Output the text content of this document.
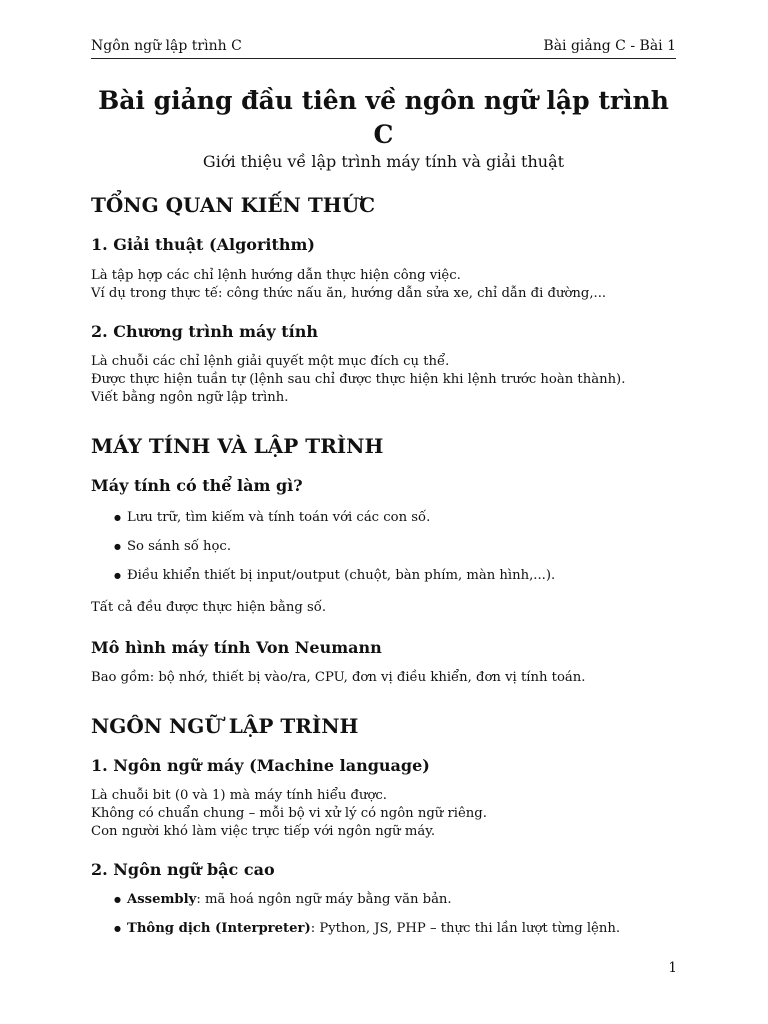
Ngôn ngữ lập trình C	Bài giảng C - Bài 1
Bài giảng đầu tiên về ngôn ngữ lập trình C

Giới thiệu về lập trình máy tính và giải thuật

TỔNG QUAN KIẾN THỨC
1. Giải thuật (Algorithm)
Là tập hợp các chỉ lệnh hướng dẫn thực hiện công việc.
Ví dụ trong thực tế: công thức nấu ăn, hướng dẫn sửa xe, chỉ dẫn đi đường,...
2. Chương trình máy tính
Là chuỗi các chỉ lệnh giải quyết một mục đích cụ thể.
Được thực hiện tuần tự (lệnh sau chỉ được thực hiện khi lệnh trước hoàn thành).
Viết bằng ngôn ngữ lập trình.
MÁY TÍNH VÀ LẬP TRÌNH
Máy tính có thể làm gì?
● Lưu trữ, tìm kiếm và tính toán với các con số.
● So sánh số học.
● Điều khiển thiết bị input/output (chuột, bàn phím, màn hình,...).
Tất cả đều được thực hiện bằng số.
Mô hình máy tính Von Neumann
Bao gồm: bộ nhớ, thiết bị vào/ra, CPU, đơn vị điều khiển, đơn vị tính toán.
NGÔN NGỮ LẬP TRÌNH
1. Ngôn ngữ máy (Machine language)
Là chuỗi bit (0 và 1) mà máy tính hiểu được.
Không có chuẩn chung – mỗi bộ vi xử lý có ngôn ngữ riêng.
Con người khó làm việc trực tiếp với ngôn ngữ máy.
2. Ngôn ngữ bậc cao
● Assembly: mã hoá ngôn ngữ máy bằng văn bản.
● Thông dịch (Interpreter): Python, JS, PHP – thực thi lần lượt từng lệnh.
1
